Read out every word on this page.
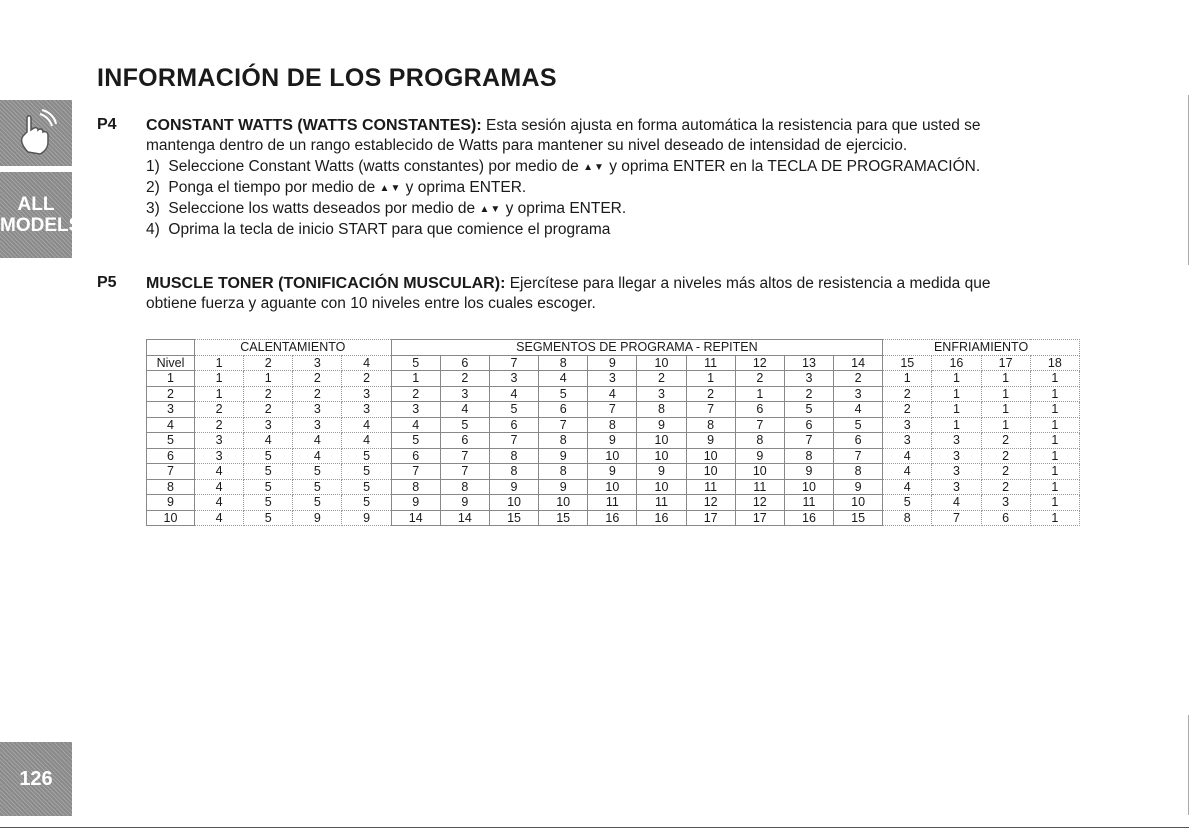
INFORMACIÓN DE LOS PROGRAMAS
ALL
MODELS
126
P4 CONSTANT WATTS (WATTS CONSTANTES): Esta sesión ajusta en forma automática la resistencia para que usted se
mantenga dentro de un rango establecido de Watts para mantener su nivel deseado de intensidad de ejercicio.

1) Seleccione Constant Watts (watts constantes) por medio de ▲▼ y oprima ENTER en la TECLA DE PROGRAMACIÓN.
2) Ponga el tiempo por medio de ▲▼ y oprima ENTER.
3) Seleccione los watts deseados por medio de ▲▼ y oprima ENTER.
4) Oprima la tecla de inicio START para que comience el programa
P5 MUSCLE TONER (TONIFICACIÓN MUSCULAR): Ejercítese para llegar a niveles más altos de resistencia a medida que
obtiene fuerza y aguante con 10 niveles entre los cuales escoger.

	CALENTAMIENTO				SEGMENTOS DE PROGRAMA - REPITEN										ENFRIAMIENTO			
Nivel	1	2	3	4	5	6	7	8	9	10	11	12	13	14	15	16	17	18
1	1	1	2	2	1	2	3	4	3	2	1	2	3	2	1	1	1	1
2	1	2	2	3	2	3	4	5	4	3	2	1	2	3	2	1	1	1
3	2	2	3	3	3	4	5	6	7	8	7	6	5	4	2	1	1	1
4	2	3	3	4	4	5	6	7	8	9	8	7	6	5	3	1	1	1
5	3	4	4	4	5	6	7	8	9	10	9	8	7	6	3	3	2	1
6	3	5	4	5	6	7	8	9	10	10	10	9	8	7	4	3	2	1
7	4	5	5	5	7	7	8	8	9	9	10	10	9	8	4	3	2	1
8	4	5	5	5	8	8	9	9	10	10	11	11	10	9	4	3	2	1
9	4	5	5	5	9	9	10	10	11	11	12	12	11	10	5	4	3	1
10	4	5	9	9	14	14	15	15	16	16	17	17	16	15	8	7	6	1
